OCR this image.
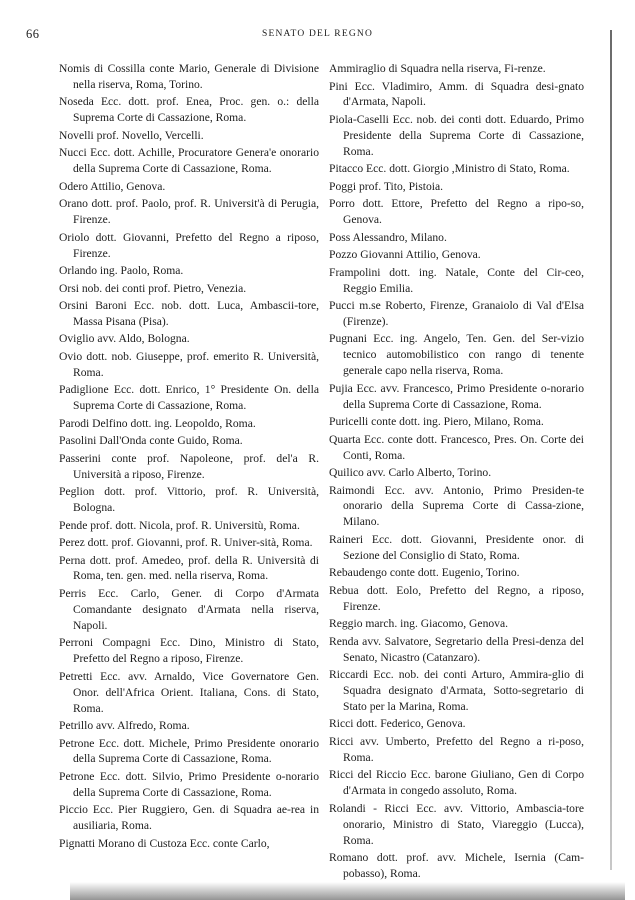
66	SENATO DEL REGNO

Nomis di Cossilla conte Mario, Generale di Divisione nella riserva, Roma, Torino.

Noseda Ecc. dott. prof. Enea, Proc. gen. o.: della Suprema Corte di Cassazione, Roma.

Novelli prof. Novello, Vercelli.

Nucci Ecc. dott. Achille, Procuratore Genera'e onorario della Suprema Corte di Cassazione, Roma.

Odero Attilio, Genova.

Orano dott. prof. Paolo, prof. R. Universit'à di Perugia, Firenze.

Oriolo dott. Giovanni, Prefetto del Regno a riposo, Firenze.

Orlando ing. Paolo, Roma.

Orsi nob. dei conti prof. Pietro, Venezia.

Orsini Baroni Ecc. nob. dott. Luca, Ambascii-tore, Massa Pisana (Pisa).

Oviglio avv. Aldo, Bologna.

Ovio dott. nob. Giuseppe, prof. emerito R. Università, Roma.

Padiglione Ecc. dott. Enrico, 1° Presidente On. della Suprema Corte di Cassazione, Roma.

Parodi Delfino dott. ing. Leopoldo, Roma.

Pasolini Dall'Onda conte Guido, Roma.

Passerini conte prof. Napoleone, prof. del'a R. Università a riposo, Firenze.

Peglion dott. prof. Vittorio, prof. R. Università, Bologna.

Pende prof. dott. Nicola, prof. R. Universitù, Roma.

Perez dott. prof. Giovanni, prof. R. Univer-sità, Roma.

Perna dott. prof. Amedeo, prof. della R. Università di Roma, ten. gen. med. nella riserva, Roma.

Perris Ecc. Carlo, Gener. di Corpo d'Armata Comandante designato d'Armata nella riserva, Napoli.

Perroni Compagni Ecc. Dino, Ministro di Stato, Prefetto del Regno a riposo, Firenze.

Petretti Ecc. avv. Arnaldo, Vice Governatore Gen. Onor. dell'Africa Orient. Italiana, Cons. di Stato, Roma.

Petrillo avv. Alfredo, Roma.

Petrone Ecc. dott. Michele, Primo Presidente onorario della Suprema Corte di Cassazione, Roma.

Petrone Ecc. dott. Silvio, Primo Presidente o-norario della Suprema Corte di Cassazione, Roma.

Piccio Ecc. Pier Ruggiero, Gen. di Squadra ae-rea in ausiliaria, Roma.

Pignatti Morano di Custoza Ecc. conte Carlo,

Ammiraglio di Squadra nella riserva, Fi-renze.

Pini Ecc. Vladimiro, Amm. di Squadra desi-gnato d'Armata, Napoli.

Piola-Caselli Ecc. nob. dei conti dott. Eduardo, Primo Presidente della Suprema Corte di Cassazione, Roma.

Pitacco Ecc. dott. Giorgio ,Ministro di Stato, Roma.

Poggi prof. Tito, Pistoia.

Porro dott. Ettore, Prefetto del Regno a ripo-so, Genova.

Poss Alessandro, Milano.

Pozzo Giovanni Attilio, Genova.

Frampolini dott. ing. Natale, Conte del Cir-ceo, Reggio Emilia.

Pucci m.se Roberto, Firenze, Granaiolo di Val d'Elsa (Firenze).

Pugnani Ecc. ing. Angelo, Ten. Gen. del Ser-vizio tecnico automobilistico con rango di tenente generale capo nella riserva, Roma.

Pujia Ecc. avv. Francesco, Primo Presidente o-norario della Suprema Corte di Cassazione, Roma.

Puricelli conte dott. ing. Piero, Milano, Roma.

Quarta Ecc. conte dott. Francesco, Pres. On. Corte dei Conti, Roma.

Quilico avv. Carlo Alberto, Torino.

Raimondi Ecc. avv. Antonio, Primo Presiden-te onorario della Suprema Corte di Cassa-zione, Milano.

Raineri Ecc. dott. Giovanni, Presidente onor. di Sezione del Consiglio di Stato, Roma.

Rebaudengo conte dott. Eugenio, Torino.

Rebua dott. Eolo, Prefetto del Regno, a riposo, Firenze.

Reggio march. ing. Giacomo, Genova.

Renda avv. Salvatore, Segretario della Presi-denza del Senato, Nicastro (Catanzaro).

Riccardi Ecc. nob. dei conti Arturo, Ammira-glio di Squadra designato d'Armata, Sotto-segretario di Stato per la Marina, Roma.

Ricci dott. Federico, Genova.

Ricci avv. Umberto, Prefetto del Regno a ri-poso, Roma.

Ricci del Riccio Ecc. barone Giuliano, Gen di Corpo d'Armata in congedo assoluto, Roma.

Rolandi - Ricci Ecc. avv. Vittorio, Ambascia-tore onorario, Ministro di Stato, Viareggio (Lucca), Roma.

Romano dott. prof. avv. Michele, Isernia (Cam-pobasso), Roma.
